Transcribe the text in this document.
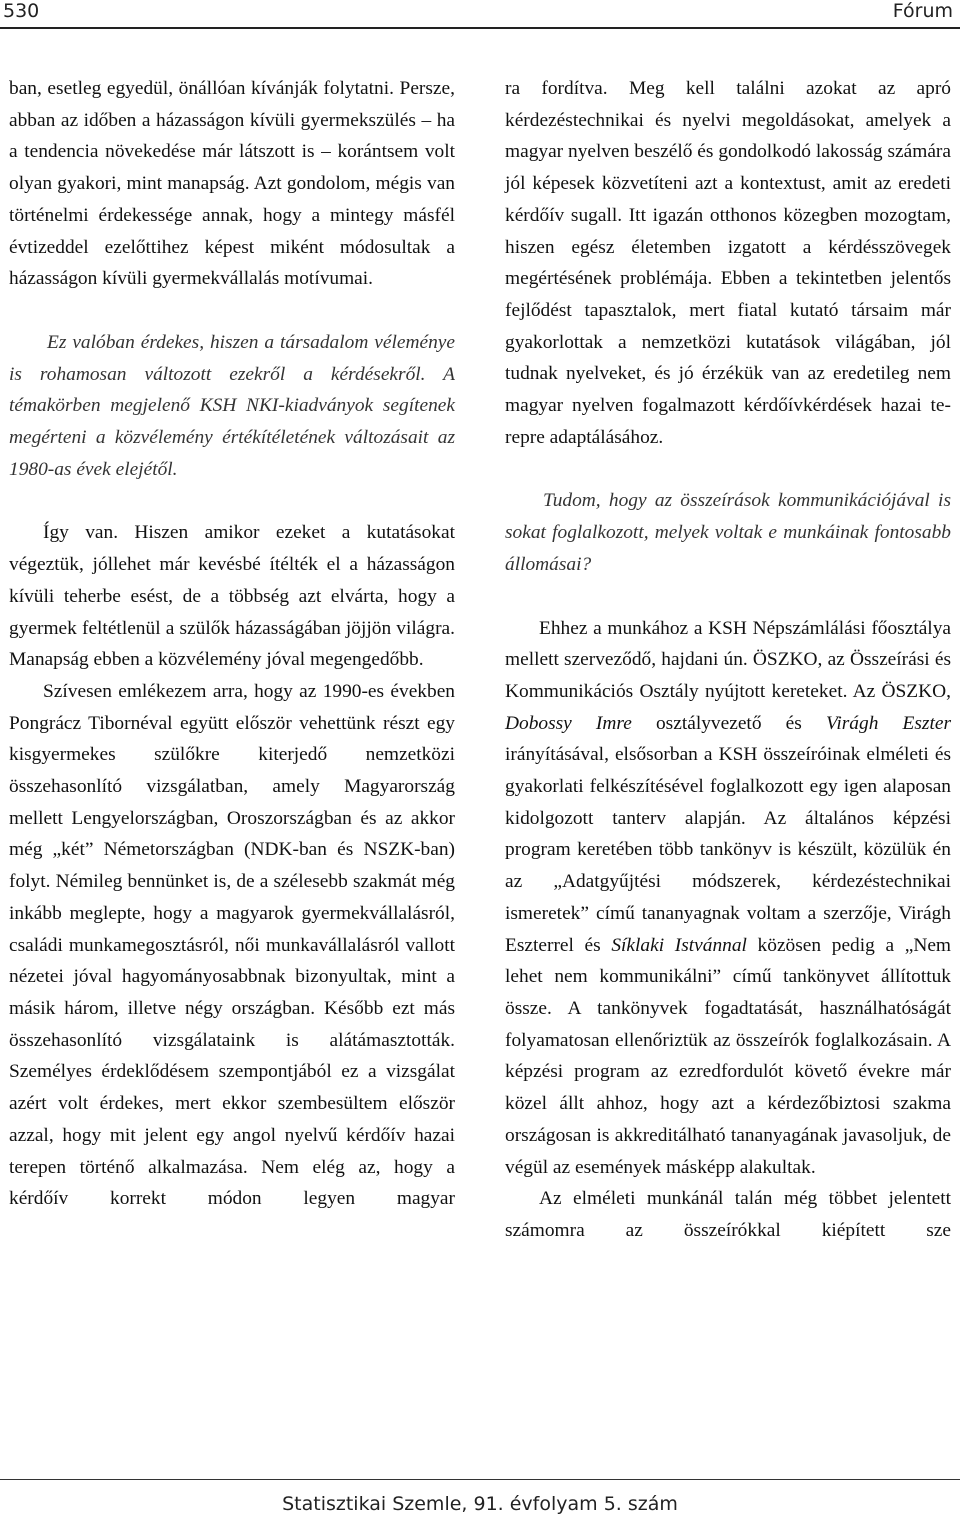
530	Fórum

ban, esetleg egyedül, önállóan kívánják folytatni. Persze, abban az időben a házasságon kívüli gyermekszülés – ha a tendencia növekedése már látszott is – korántsem volt olyan gyakori, mint manapság. Azt gondolom, mégis van történelmi érdekessége annak, hogy a mintegy másfél évtizeddel ezelőttihez képest miként módosultak a házasságon kívüli gyermekvállalás motívumai.

Ez valóban érdekes, hiszen a társadalom véleménye is rohamosan változott ezekről a kérdésekről. A témakörben megjelenő KSH NKI-kiadványok segítenek megérteni a közvélemény értékítéletének változásait az 1980-as évek elejétől.

Így van. Hiszen amikor ezeket a kutatásokat végeztük, jóllehet már kevésbé ítélték el a házasságon kívüli teherbe esést, de a többség azt elvárta, hogy a gyermek feltétlenül a szülők házasságában jöjjön világra. Manapság ebben a közvélemény jóval megengedőbb.

Szívesen emlékezem arra, hogy az 1990-es években Pongrácz Tibornéval együtt először vehettünk részt egy kisgyermekes szülőkre kiterjedő nemzetközi összehasonlító vizsgálatban, amely Magyarország mellett Lengyelországban, Oroszországban és az akkor még „két” Németországban (NDK-ban és NSZK-ban) folyt. Némileg bennünket is, de a szélesebb szakmát még inkább meglepte, hogy a magyarok gyermekvállalásról, családi munkamegosztásról, női munkavállalásról vallott nézetei jóval hagyományosabbnak bizonyultak, mint a másik három, illetve négy országban. Később ezt más összehasonlító vizsgálataink is alátámasztották. Személyes érdeklődésem szempontjából ez a vizsgálat azért volt érdekes, mert ekkor szembesültem először azzal, hogy mit jelent egy angol nyelvű kérdőív hazai terepen történő alkalmazása. Nem elég az, hogy a kérdőív korrekt módon legyen magyar

ra fordítva. Meg kell találni azokat az apró kérdezéstechnikai és nyelvi megoldásokat, amelyek a magyar nyelven beszélő és gondolkodó lakosság számára jól képesek közvetíteni azt a kontextust, amit az eredeti kérdőív sugall. Itt igazán otthonos közegben mozogtam, hiszen egész életemben izgatott a kérdésszövegek megértésének problémája. Ebben a tekintetben jelentős fejlődést tapasztalok, mert fiatal kutató társaim már gyakorlottak a nemzetközi kutatások világában, jól tudnak nyelveket, és jó érzékük van az eredetileg nem magyar nyelven fogalmazott kérdőívkérdések hazai terepre adaptálásához.

Tudom, hogy az összeírások kommunikációjával is sokat foglalkozott, melyek voltak e munkáinak fontosabb állomásai?

Ehhez a munkához a KSH Népszámlálási főosztálya mellett szerveződő, hajdani ún. ÖSZKO, az Összeírási és Kommunikációs Osztály nyújtott kereteket. Az ÖSZKO, Dobossy Imre osztályvezető és Virágh Eszter irányításával, elsősorban a KSH összeíróinak elméleti és gyakorlati felkészítésével foglalkozott egy igen alaposan kidolgozott tanterv alapján. Az általános képzési program keretében több tankönyv is készült, közülük én az „Adatgyűjtési módszerek, kérdezéstechnikai ismeretek” című tananyagnak voltam a szerzője, Virágh Eszterrel és Síklaki Istvánnal közösen pedig a „Nem lehet nem kommunikálni” című tankönyvet állítottuk össze. A tankönyvek fogadtatását, használhatóságát folyamatosan ellenőriztük az összeírók foglalkozásain. A képzési program az ezredfordulót követő évekre már közel állt ahhoz, hogy azt a kérdezőbiztosi szakma országosan is akkreditálható tananyagának javasoljuk, de végül az események másképp alakultak.

Az elméleti munkánál talán még többet jelentett számomra az összeírókkal kiépített sze

Statisztikai Szemle, 91. évfolyam 5. szám
